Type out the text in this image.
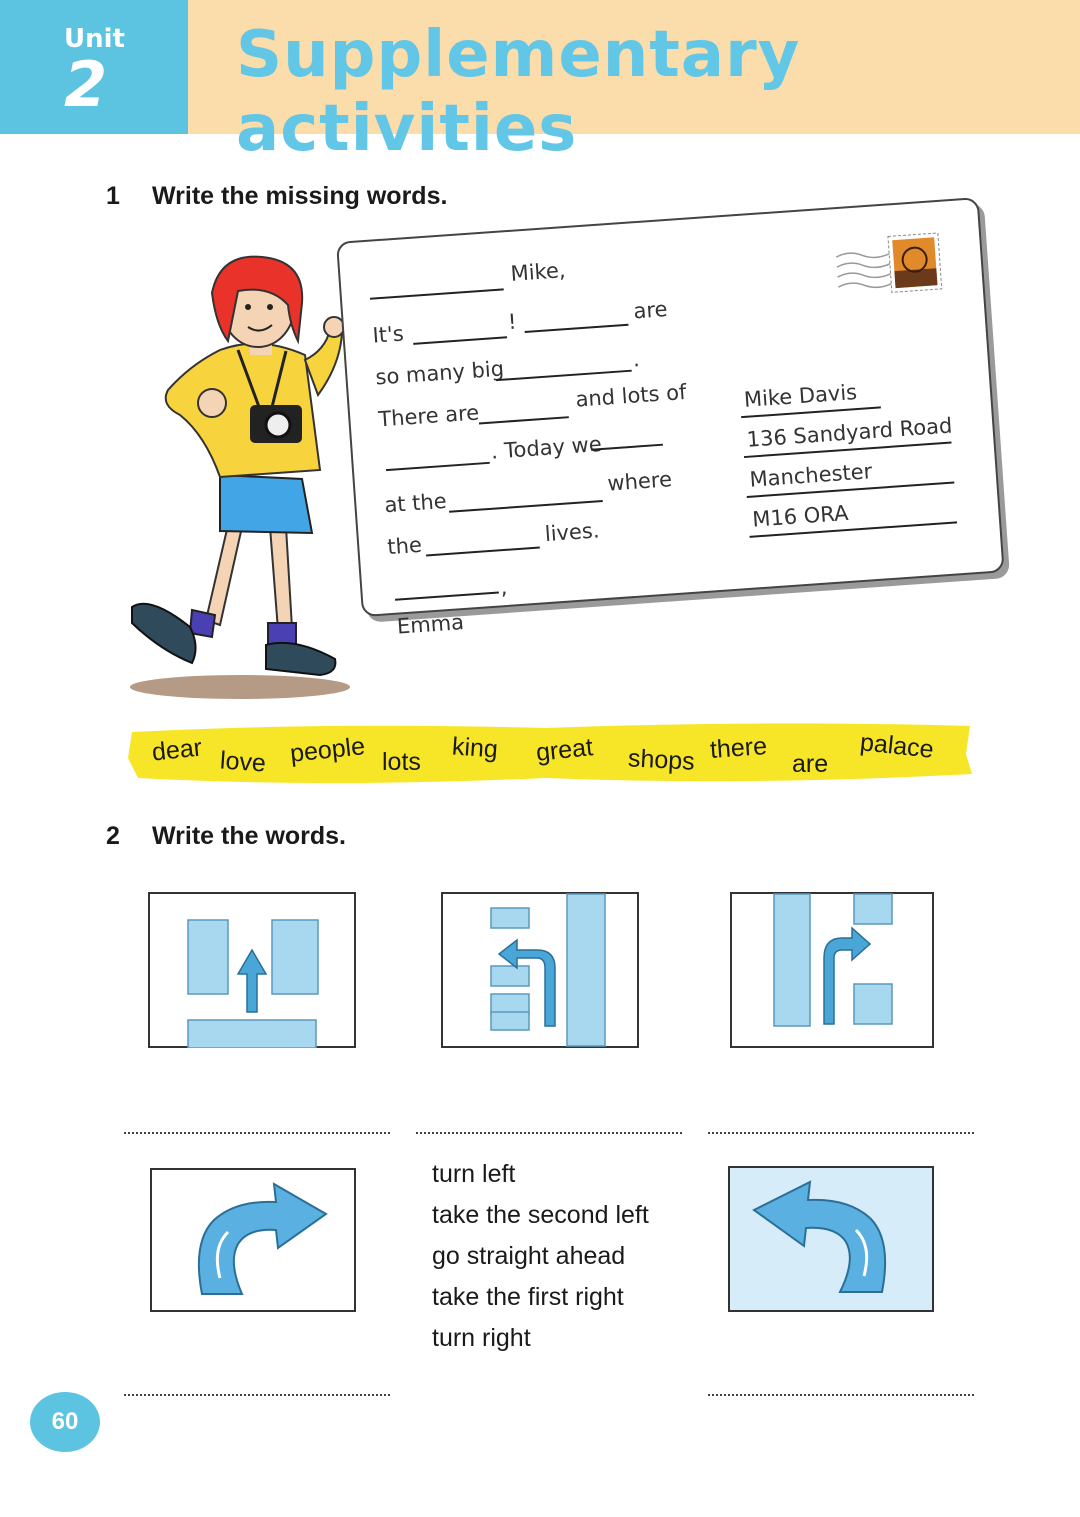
Unit
2 Supplementary activities
1 Write the missing words.
Mike,
It's	!	are
so many big	.
There are
and lots of
. Today we
at the
where
the	lives.
,
Emma
Mike Davis
136 Sandyard Road
Manchester
M16 ORA
dear love people lots king great shops there
are
palace
2 Write the words.
turn left
take the second left
go straight ahead
take the first right
turn right
60
